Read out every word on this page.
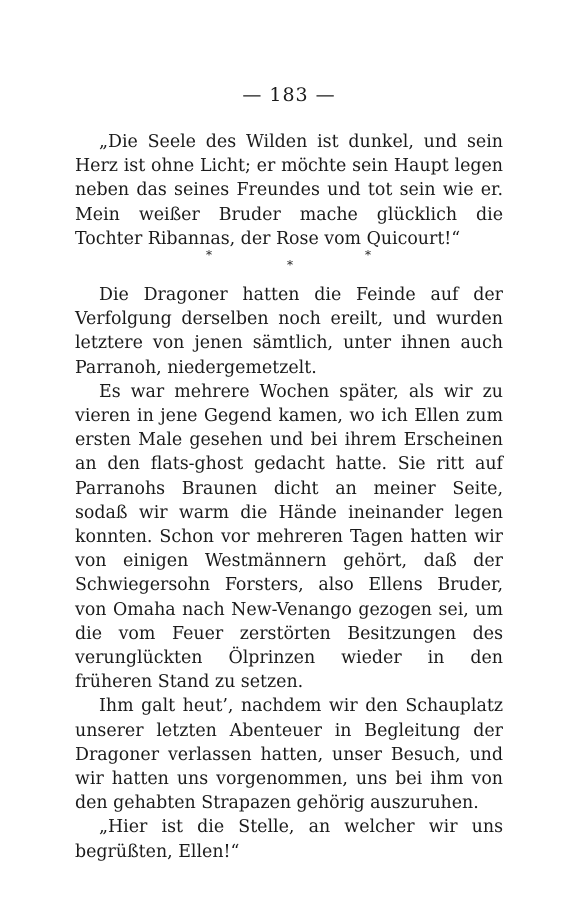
— 183 —

„Die Seele des Wilden ist dunkel, und sein Herz ist ohne Licht; er möchte sein Haupt legen neben das seines Freundes und tot sein wie er. Mein weißer Bruder mache glücklich die Tochter Ribannas, der Rose vom Quicourt!“

*
*
*

Die Dragoner hatten die Feinde auf der Verfolgung derselben noch ereilt, und wurden letztere von jenen sämtlich, unter ihnen auch Parranoh, niedergemetzelt.

Es war mehrere Wochen später, als wir zu vieren in jene Gegend kamen, wo ich Ellen zum ersten Male gesehen und bei ihrem Erscheinen an den flats-ghost gedacht hatte. Sie ritt auf Parranohs Braunen dicht an meiner Seite, sodaß wir warm die Hände ineinander legen konnten. Schon vor mehreren Tagen hatten wir von einigen Westmännern gehört, daß der Schwiegersohn Forsters, also Ellens Bruder, von Omaha nach New-Venango gezogen sei, um die vom Feuer zerstörten Besitzungen des verunglückten Ölprinzen wieder in den früheren Stand zu setzen.

Ihm galt heut’, nachdem wir den Schauplatz unserer letzten Abenteuer in Begleitung der Dragoner verlassen hatten, unser Besuch, und wir hatten uns vorgenommen, uns bei ihm von den gehabten Strapazen gehörig auszuruhen.

„Hier ist die Stelle, an welcher wir uns begrüßten, Ellen!“
